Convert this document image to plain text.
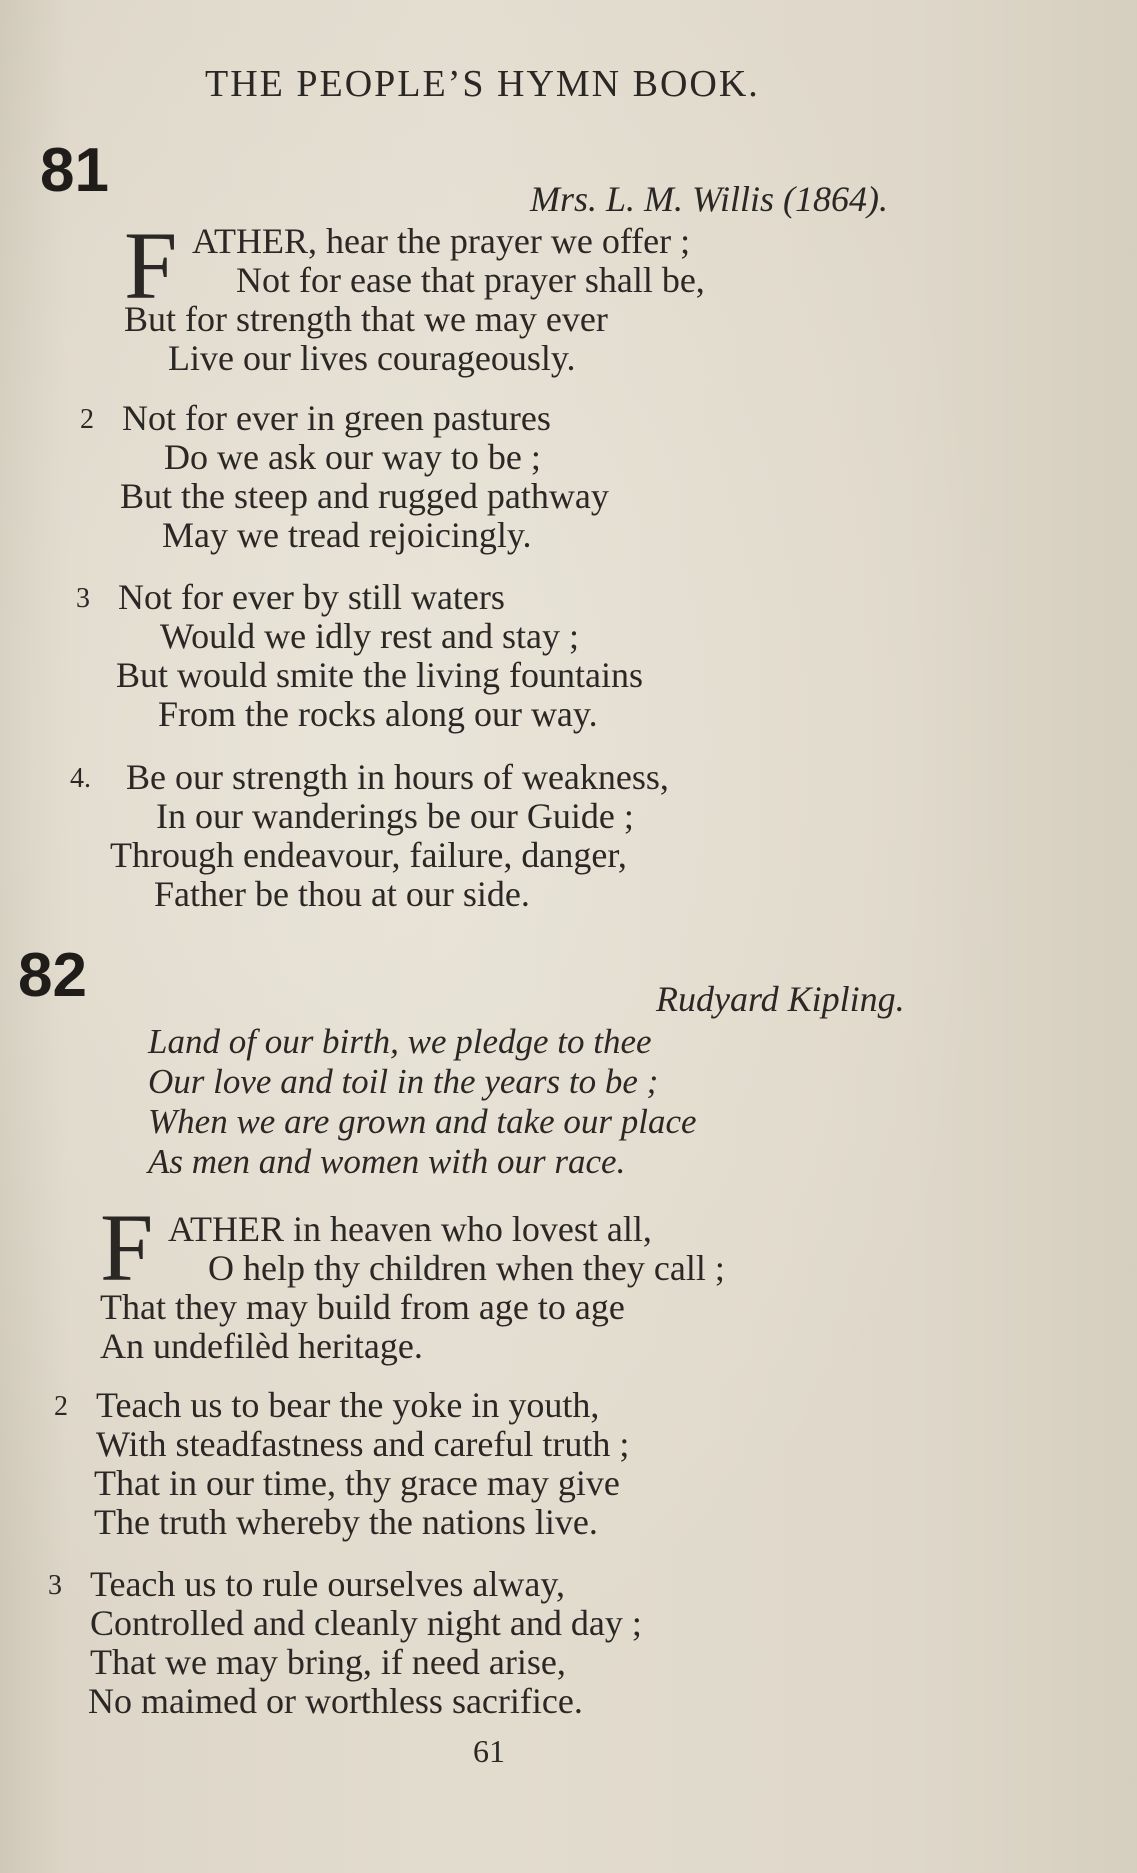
THE PEOPLE’S HYMN BOOK.
81	Mrs. L. M. Willis (1864).
F ATHER, hear the prayer we offer ;
Not for ease that prayer shall be,
But for strength that we may ever
Live our lives courageously.
2 Not for ever in green pastures
Do we ask our way to be ;
But the steep and rugged pathway
May we tread rejoicingly.
3 Not for ever by still waters
Would we idly rest and stay ;
But would smite the living fountains
From the rocks along our way.
4. Be our strength in hours of weakness,
In our wanderings be our Guide ;
Through endeavour, failure, danger,
Father be thou at our side.
82	Rudyard Kipling.
Land of our birth, we pledge to thee
Our love and toil in the years to be ;
When we are grown and take our place
As men and women with our race.
F ATHER in heaven who lovest all,
O help thy children when they call ;
That they may build from age to age
An undefilèd heritage.
2 Teach us to bear the yoke in youth,
With steadfastness and careful truth ;
That in our time, thy grace may give
The truth whereby the nations live.
3 Teach us to rule ourselves alway,
Controlled and cleanly night and day ;
That we may bring, if need arise,
No maimed or worthless sacrifice.
61
